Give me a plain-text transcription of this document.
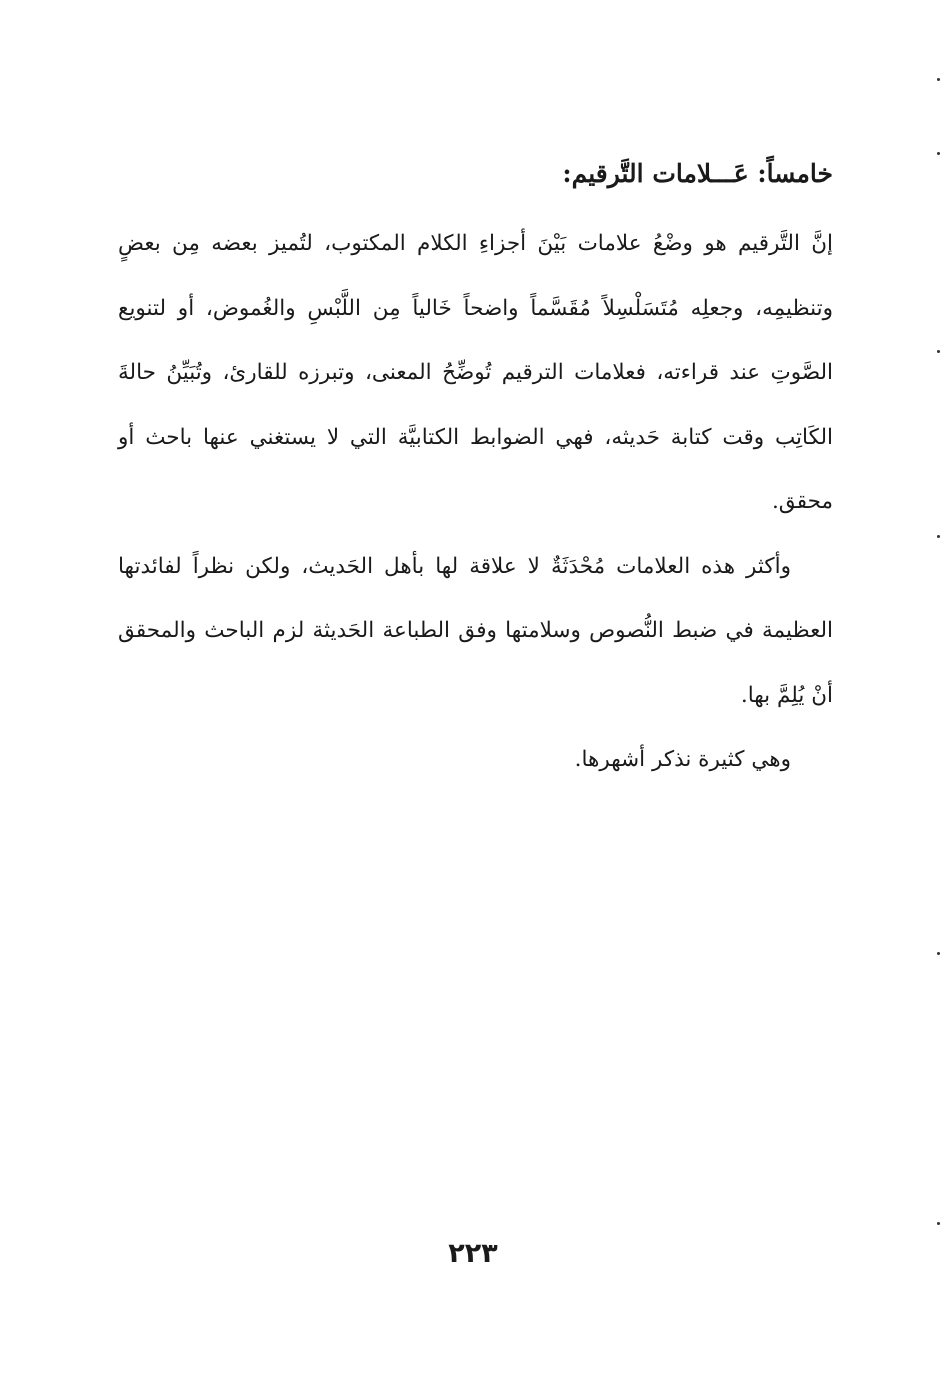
خامساً: عَـــلامات التَّرقيم:

إنَّ التَّرقيم هو وضْعُ علامات بَيْنَ أجزاءِ الكلام المكتوب، لتُميز بعضه مِن بعضٍ وتنظيمِه، وجعلِه مُتَسَلْسِلاً مُقَسَّماً واضحاً خَالياً مِن اللَّبْسِ والغُموض، أو لتنويع الصَّوتِ عند قراءته، فعلامات الترقيم تُوضِّحُ المعنى، وتبرزه للقارئ، وتُبَيِّنُ حالةَ الكَاتِب وقت كتابة حَديثه، فهي الضوابط الكتابيَّة التي لا يستغني عنها باحث أو محقق.

وأكثر هذه العلامات مُحْدَثَةٌ لا علاقة لها بأهل الحَديث، ولكن نظراً لفائدتها العظيمة في ضبط النُّصوص وسلامتها وفق الطباعة الحَديثة لزم الباحث والمحقق أنْ يُلِمَّ بها.

وهي كثيرة نذكر أشهرها.

٢٢٣
